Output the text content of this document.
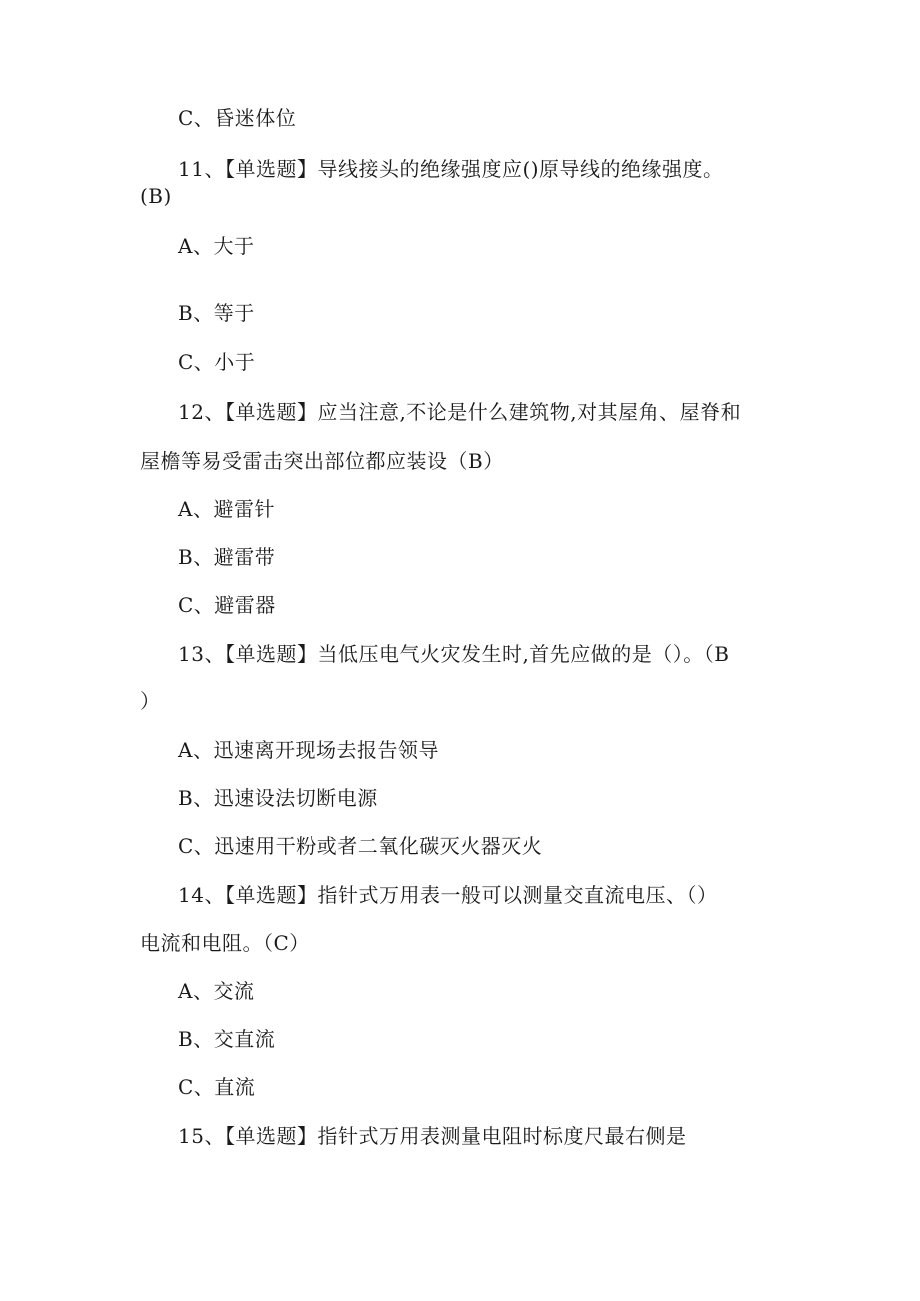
C、昏迷体位
11、【单选题】导线接头的绝缘强度应()原导线的绝缘强度。
(B)
A、大于
B、等于
C、小于
12、【单选题】应当注意,不论是什么建筑物,对其屋角、屋脊和
屋檐等易受雷击突出部位都应装设（B）
A、避雷针
B、避雷带
C、避雷器
13、【单选题】当低压电气火灾发生时,首先应做的是（）。（B
）
A、迅速离开现场去报告领导
B、迅速设法切断电源
C、迅速用干粉或者二氧化碳灭火器灭火
14、【单选题】指针式万用表一般可以测量交直流电压、（）
电流和电阻。（C）
A、交流
B、交直流
C、直流
15、【单选题】指针式万用表测量电阻时标度尺最右侧是
